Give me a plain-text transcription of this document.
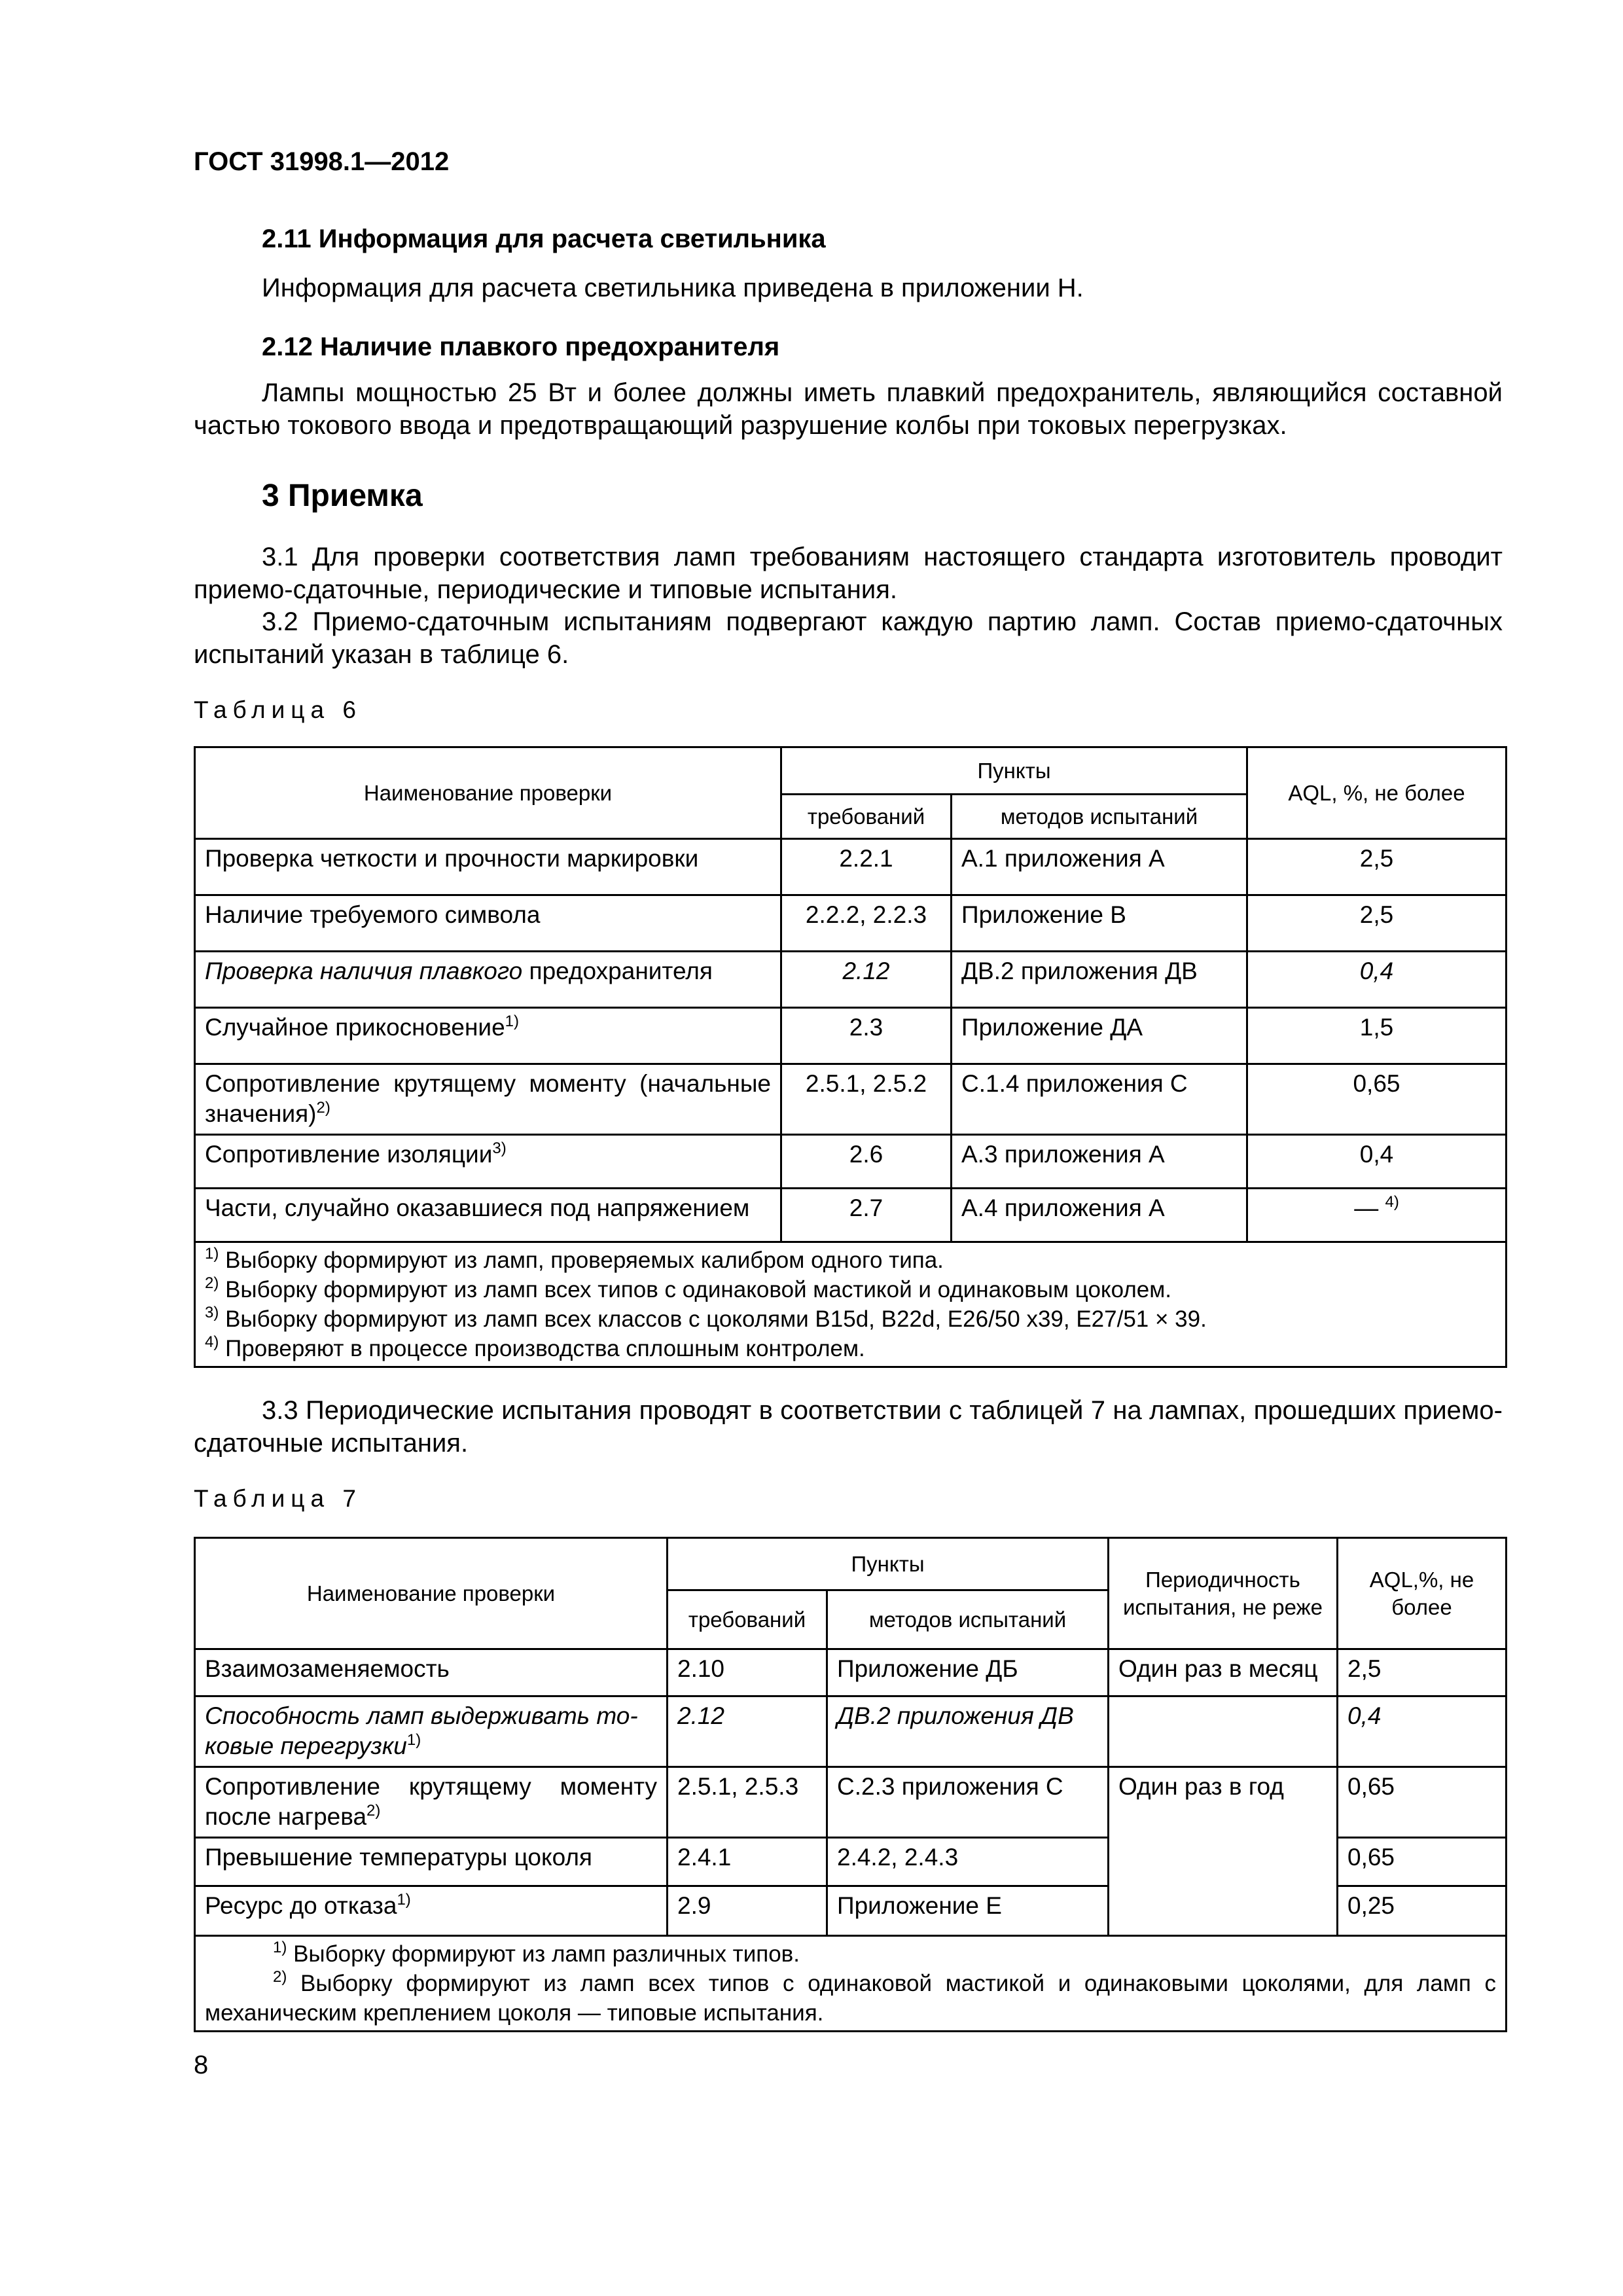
ГОСТ 31998.1—2012
2.11 Информация для расчета светильника
Информация для расчета светильника приведена в приложении Н.
2.12 Наличие плавкого предохранителя
Лампы мощностью 25 Вт и более должны иметь плавкий предохранитель, являющийся составной частью токового ввода и предотвращающий разрушение колбы при токовых перегрузках.
3 Приемка
3.1 Для проверки соответствия ламп требованиям настоящего стандарта изготовитель проводит приемо-сдаточные, периодические и типовые испытания.
3.2 Приемо-сдаточным испытаниям подвергают каждую партию ламп. Состав приемо-сдаточных испытаний указан в таблице 6.
Таблица 6
Наименование проверки	Пункты		AQL, %, не более
	требований	методов испытаний	
Проверка четкости и прочности маркировки	2.2.1	А.1 приложения А	2,5
Наличие требуемого символа	2.2.2, 2.2.3	Приложение В	2,5
Проверка наличия плавкого предохранителя	2.12	ДВ.2 приложения ДВ	0,4
Случайное прикосновение$^{1)}$	2.3	Приложение ДА	1,5
Сопротивление крутящему моменту (начальные значения)$^{2)}$	2.5.1, 2.5.2	С.1.4 приложения С	0,65
Сопротивление изоляции$^{3)}$	2.6	А.3 приложения А	0,4
Части, случайно оказавшиеся под напряжением	2.7	А.4 приложения А	— $^{4)}$

$^{1)}$ Выборку формируют из ламп, проверяемых калибром одного типа.
$^{2)}$ Выборку формируют из ламп всех типов с одинаковой мастикой и одинаковым цоколем.
$^{3)}$ Выборку формируют из ламп всех классов с цоколями B15d, B22d, E26/50 x39, E27/51 × 39.
$^{4)}$ Проверяют в процессе производства сплошным контролем.			
3.3 Периодические испытания проводят в соответствии с таблицей 7 на лампах, прошедших приемо-сдаточные испытания.
Таблица 7
Наименование проверки	Пункты		Периодичность испытания, не реже	AQL,%, не более
	требований	методов испытаний		
Взаимозаменяемость	2.10	Приложение ДБ	Один раз в месяц	2,5
Способность ламп выдерживать токовые перегрузки$^{1)}$	2.12	ДВ.2 приложения ДВ		0,4
Сопротивление крутящему моменту после нагрева$^{2)}$	2.5.1, 2.5.3	С.2.3 приложения С	Один раз в год	0,65
Превышение температуры цоколя	2.4.1	2.4.2, 2.4.3		0,65
Ресурс до отказа$^{1)}$	2.9	Приложение Е		0,25

$^{1)}$ Выборку формируют из ламп различных типов.
$^{2)}$ Выборку формируют из ламп всех типов с одинаковой мастикой и одинаковыми цоколями, для ламп с механическим креплением цоколя — типовые испытания.				
8
